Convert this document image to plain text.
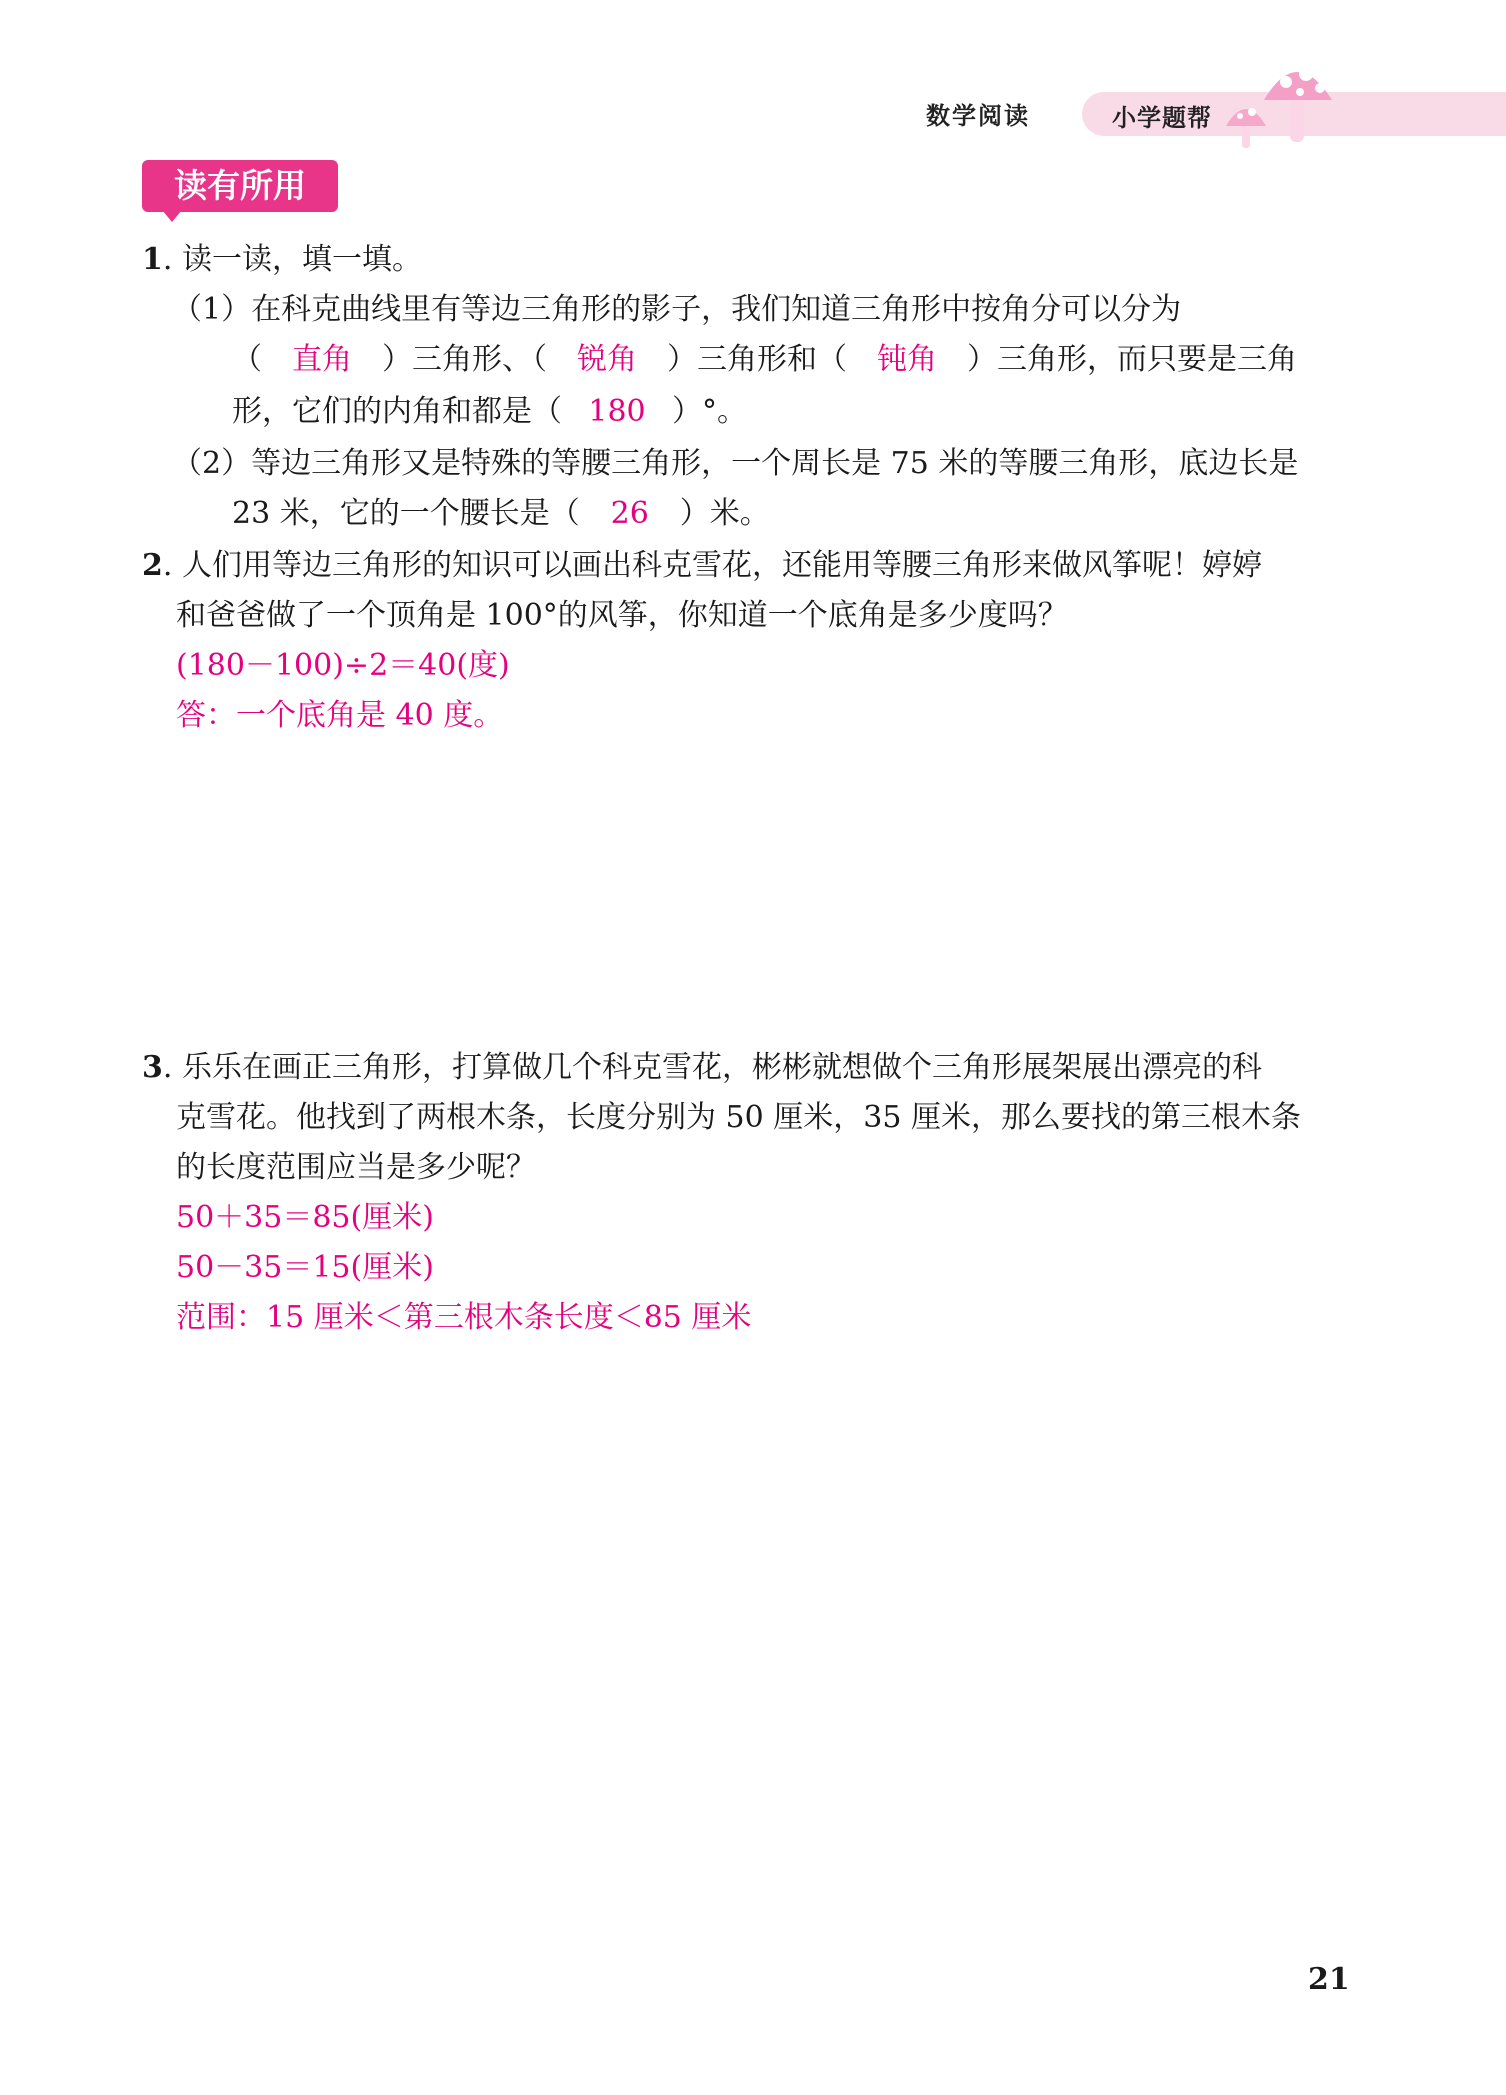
数学阅读	小学题帮
读有所用
1. 读一读，填一填。
（1）在科克曲线里有等边三角形的影子，我们知道三角形中按角分可以分为
（ 直角 ）三角形、（ 锐角 ）三角形和（ 钝角 ）三角形，而只要是三角
形，它们的内角和都是（ 180 ）°。
（2）等边三角形又是特殊的等腰三角形，一个周长是 75 米的等腰三角形，底边长是
23 米，它的一个腰长是（ 26 ）米。
2. 人们用等边三角形的知识可以画出科克雪花，还能用等腰三角形来做风筝呢！婷婷
和爸爸做了一个顶角是 100°的风筝，你知道一个底角是多少度吗？
(180－100)÷2＝40(度)
答：一个底角是 40 度。
3. 乐乐在画正三角形，打算做几个科克雪花，彬彬就想做个三角形展架展出漂亮的科
克雪花。他找到了两根木条，长度分别为 50 厘米，35 厘米，那么要找的第三根木条
的长度范围应当是多少呢？
50＋35＝85(厘米)
50－35＝15(厘米)
范围：15 厘米＜第三根木条长度＜85 厘米
21
